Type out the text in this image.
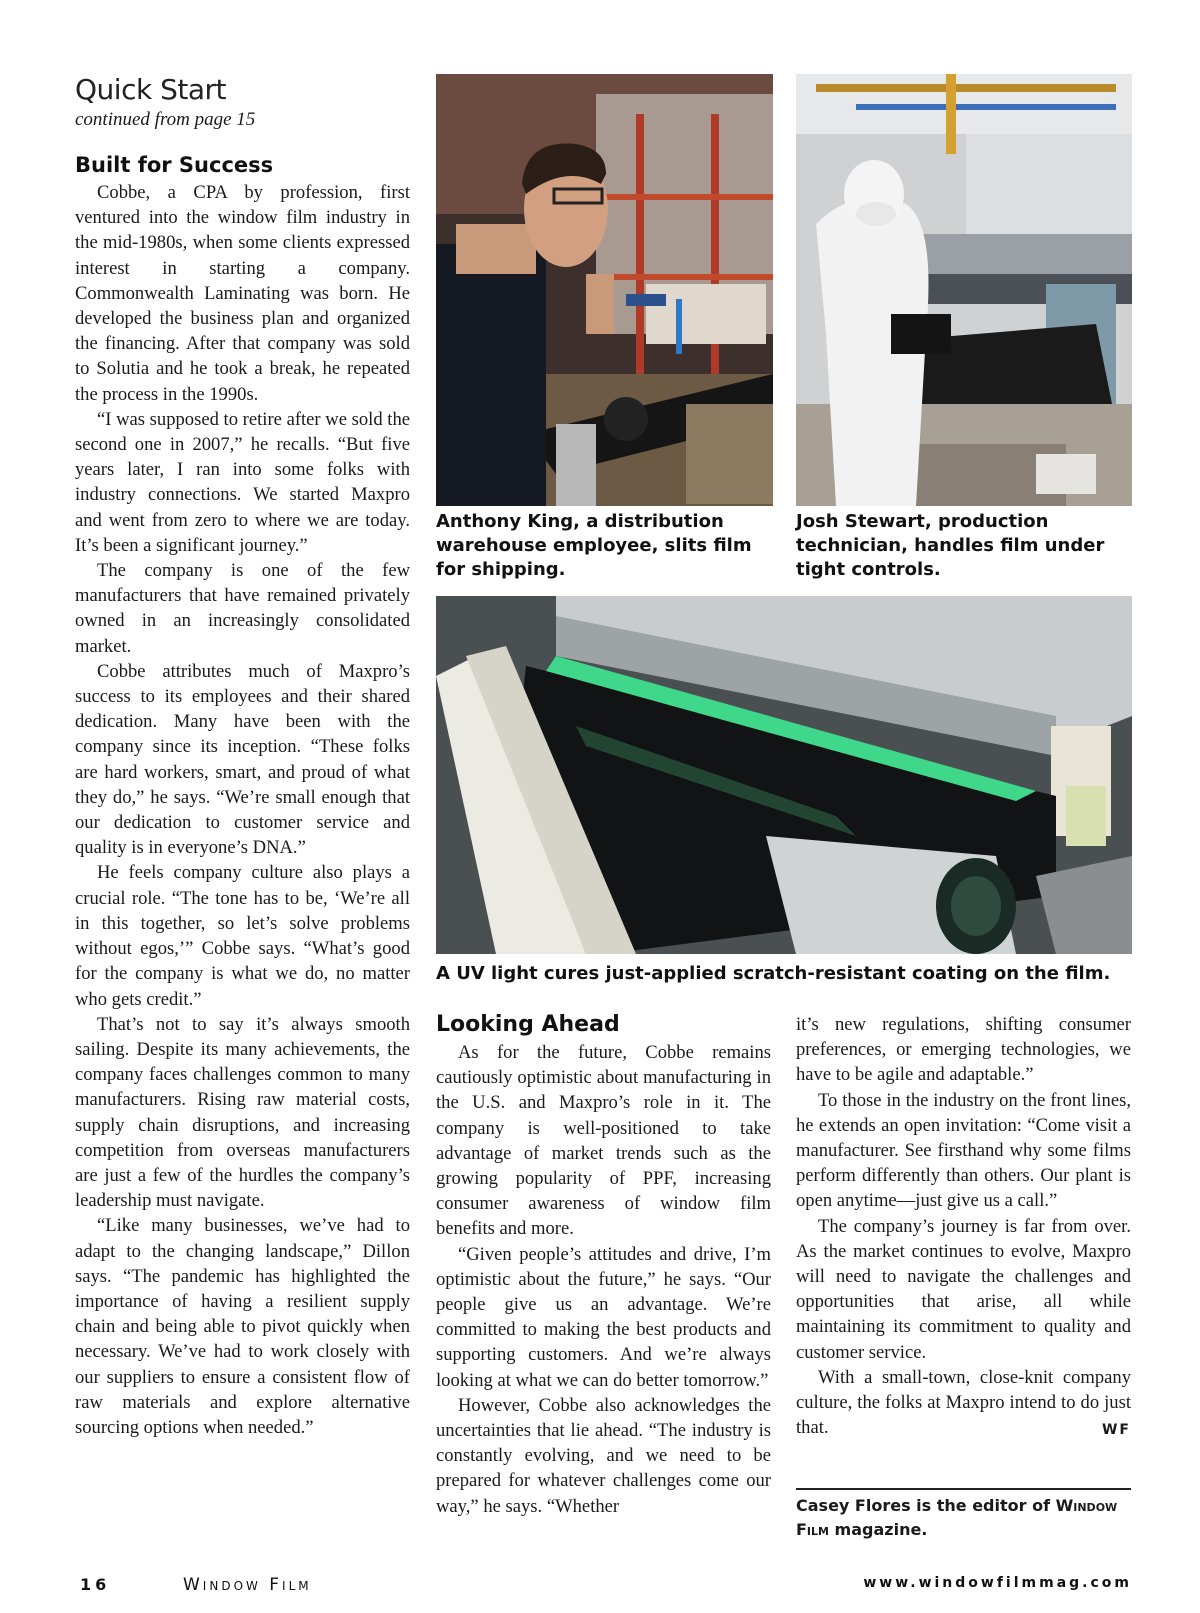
Quick Start
continued from page 15
Built for Success

Cobbe, a CPA by profession, first ventured into the window film industry in the mid-1980s, when some clients expressed interest in starting a company. Commonwealth Laminating was born. He developed the business plan and organized the financing. After that company was sold to Solutia and he took a break, he repeated the process in the 1990s.

“I was supposed to retire after we sold the second one in 2007,” he recalls. “But five years later, I ran into some folks with industry connections. We started Maxpro and went from zero to where we are today. It’s been a significant journey.”

The company is one of the few manufacturers that have remained privately owned in an increasingly consolidated market.

Cobbe attributes much of Maxpro’s success to its employees and their shared dedication. Many have been with the company since its inception. “These folks are hard workers, smart, and proud of what they do,” he says. “We’re small enough that our dedication to customer service and quality is in everyone’s DNA.”

He feels company culture also plays a crucial role. “The tone has to be, ‘We’re all in this together, so let’s solve problems without egos,’” Cobbe says. “What’s good for the company is what we do, no matter who gets credit.”

That’s not to say it’s always smooth sailing. Despite its many achievements, the company faces challenges common to many manufacturers. Rising raw material costs, supply chain disruptions, and increasing competition from overseas manufacturers are just a few of the hurdles the company’s leadership must navigate.

“Like many businesses, we’ve had to adapt to the changing landscape,” Dillon says. “The pandemic has highlighted the importance of having a resilient supply chain and being able to pivot quickly when necessary. We’ve had to work closely with our suppliers to ensure a consistent flow of raw materials and explore alternative sourcing options when needed.”

Anthony King, a distribution warehouse employee, slits film for shipping.
Josh Stewart, production technician, handles film under tight controls.
A UV light cures just-applied scratch-resistant coating on the film.
Looking Ahead

As for the future, Cobbe remains cautiously optimistic about manufacturing in the U.S. and Maxpro’s role in it. The company is well-positioned to take advantage of market trends such as the growing popularity of PPF, increasing consumer awareness of window film benefits and more.

“Given people’s attitudes and drive, I’m optimistic about the future,” he says. “Our people give us an advantage. We’re committed to making the best products and supporting customers. And we’re always looking at what we can do better tomorrow.”

However, Cobbe also acknowledges the uncertainties that lie ahead. “The industry is constantly evolving, and we need to be prepared for whatever challenges come our way,” he says. “Whether

it’s new regulations, shifting consumer preferences, or emerging technologies, we have to be agile and adaptable.”

To those in the industry on the front lines, he extends an open invitation: “Come visit a manufacturer. See firsthand why some films perform differently than others. Our plant is open anytime—just give us a call.”

The company’s journey is far from over. As the market continues to evolve, Maxpro will need to navigate the challenges and opportunities that arise, all while maintaining its commitment to quality and customer service.

With a small-town, close-knit company culture, the folks at Maxpro intend to do just that.	WF

Casey Flores is the editor of Window Film magazine.
16	Window Film	www.windowfilmmag.com
